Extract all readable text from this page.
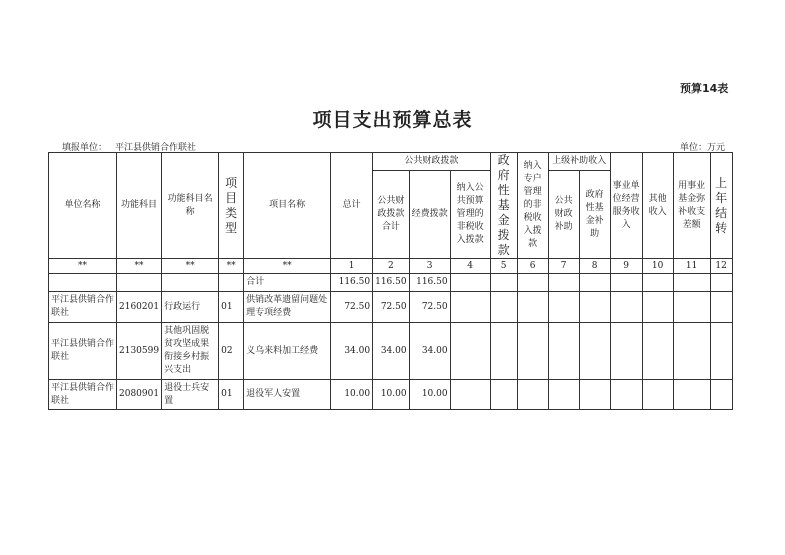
预算14表
项目支出预算总表
填报单位： 平江县供销合作联社	单位：万元
单位名称	功能科目	功能科目名称	项目类型	项目名称	总计	公共财政拨款			政府性基金拨款	纳入专户管理的非税收入拨款	上级补助收入		事业单位经营服务收入	其他收入	用事业基金弥补收支差额	上年结转
						公共财政拨款合计	经费拨款	纳入公共预算管理的非税收入拨款			公共财政补助	政府性基金补助				
**	**	**	**	**	1	2	3	4	5	6	7	8	9	10	11	12
				合计	116.50	116.50	116.50									
平江县供销合作联社	2160201	行政运行	01	供销改革遗留问题处理专项经费	72.50	72.50	72.50									
平江县供销合作联社	2130599	其他巩固脱贫攻坚成果衔接乡村振兴支出	02	义乌来料加工经费	34.00	34.00	34.00									
平江县供销合作联社	2080901	退役士兵安置	01	退役军人安置	10.00	10.00	10.00									
